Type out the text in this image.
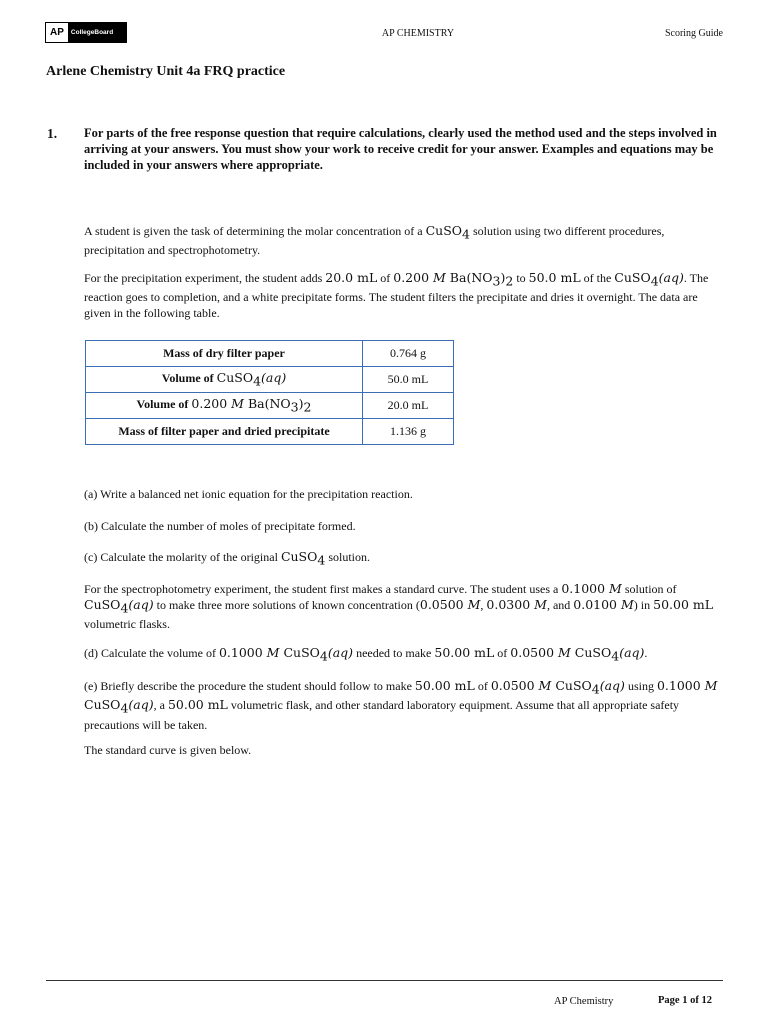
AP	CollegeBoard	AP CHEMISTRY	Scoring Guide
Arlene Chemistry Unit 4a FRQ practice
1. For parts of the free response question that require calculations, clearly used the method used and the steps involved in arriving at your answers. You must show your work to receive credit for your answer. Examples and equations may be included in your answers where appropriate.
A student is given the task of determining the molar concentration of a CuSO$_4$ solution using two different procedures, precipitation and spectrophotometry.
For the precipitation experiment, the student adds 20.0 mL of 0.200 M $Ba(NO_3)_2$ to 50.0 mL of the CuSO$_4$(aq). The reaction goes to completion, and a white precipitate forms. The student filters the precipitate and dries it overnight. The data are given in the following table.
Mass of dry filter paper	0.764 g
Volume of CuSO$_4$(aq)	50.0 mL
Volume of 0.200 M $Ba(NO_3)_2$	20.0 mL
Mass of filter paper and dried precipitate	1.136 g
(a) Write a balanced net ionic equation for the precipitation reaction.
(b) Calculate the number of moles of precipitate formed.
(c) Calculate the molarity of the original CuSO$_4$ solution.
For the spectrophotometry experiment, the student first makes a standard curve. The student uses a 0.1000 M solution of CuSO$_4$(aq) to make three more solutions of known concentration (0.0500 M, 0.0300 M, and 0.0100 M) in 50.00 mL volumetric flasks.
(d) Calculate the volume of 0.1000 M CuSO$_4$(aq) needed to make 50.00 mL of 0.0500 M CuSO$_4$(aq).
(e) Briefly describe the procedure the student should follow to make 50.00 mL of 0.0500 M CuSO$_4$(aq) using 0.1000 M CuSO$_4$(aq), a 50.00 mL volumetric flask, and other standard laboratory equipment. Assume that all appropriate safety precautions will be taken.
The standard curve is given below.
AP Chemistry	Page 1 of 12
